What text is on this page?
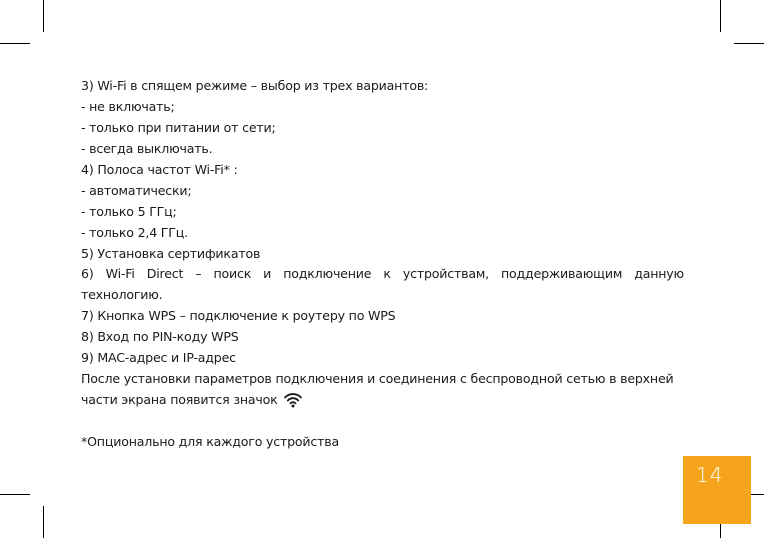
3) Wi-Fi в спящем режиме – выбор из трех вариантов:
- не включать;
- только при питании от сети;
- всегда выключать.
4) Полоса частот Wi-Fi* :
- автоматически;
- только 5 ГГц;
- только 2,4 ГГц.
5) Установка сертификатов
6) Wi-Fi Direct – поиск и подключение к устройствам, поддерживающим данную
технологию.
7) Кнопка WPS – подключение к роутеру по WPS
8) Вход по PIN-коду WPS
9) MAC-адрес и IP-адрес
После установки параметров подключения и соединения с беспроводной сетью в верхней
части экрана появится значок
*Опционально для каждого устройства
14
